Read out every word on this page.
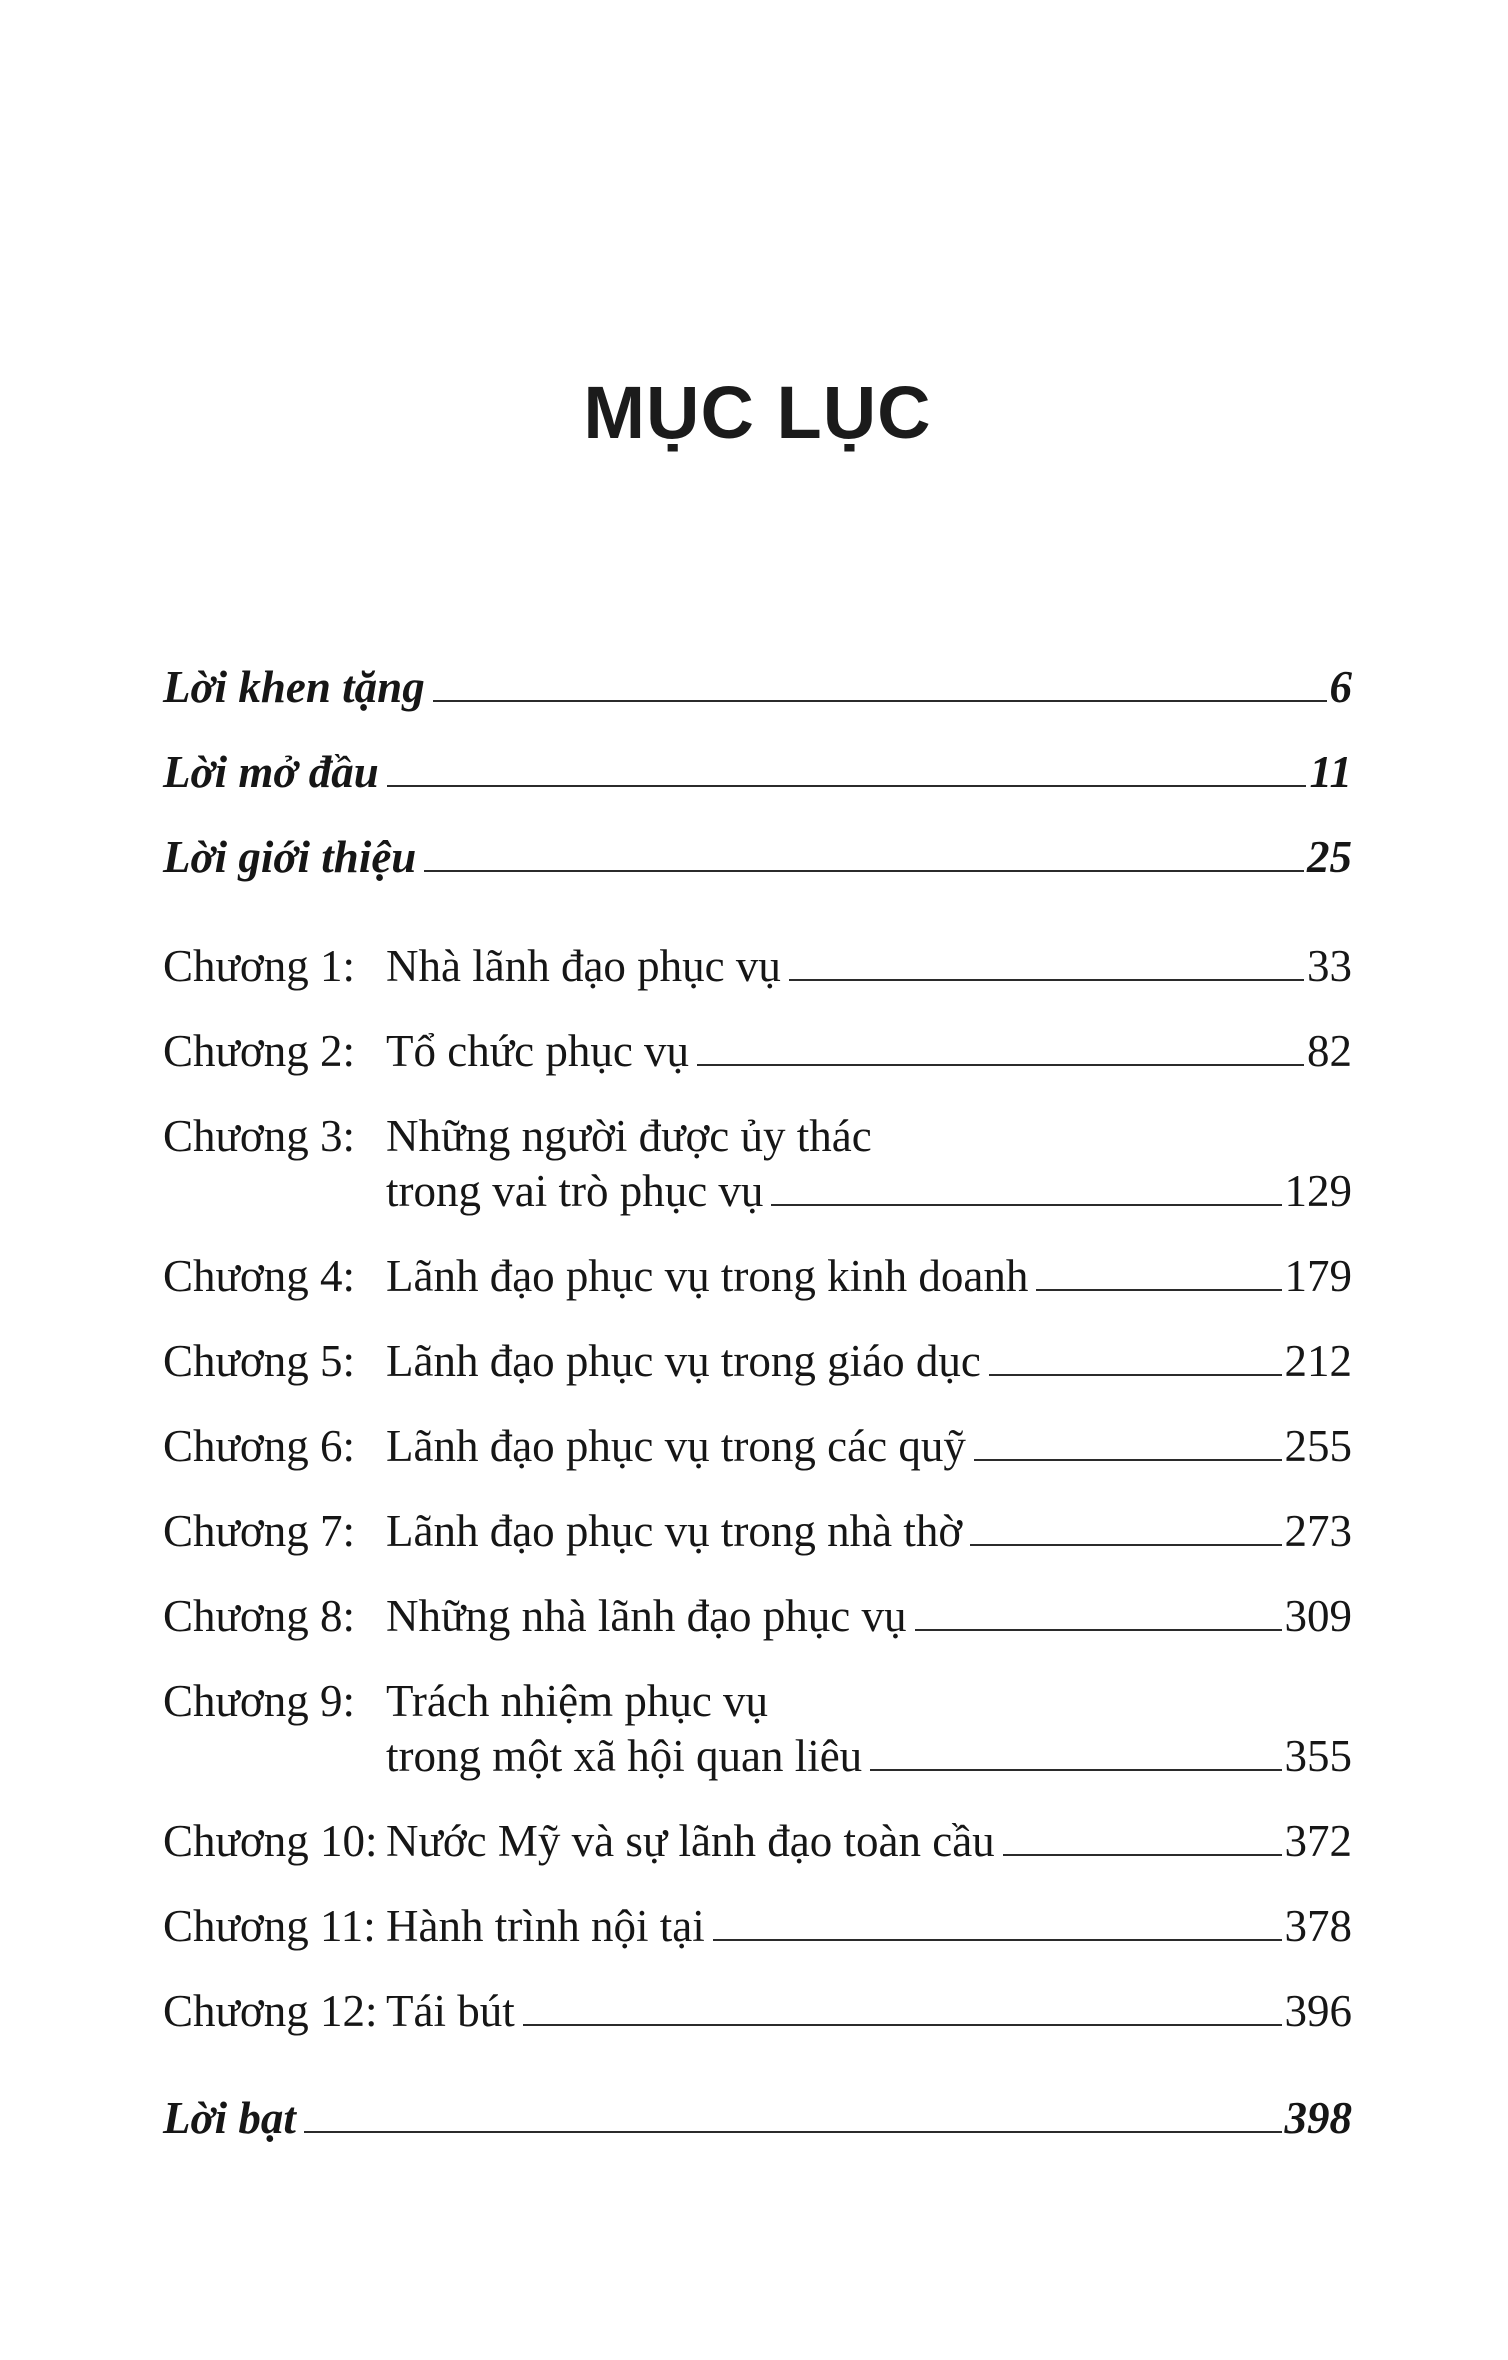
MỤC LỤC
Lời khen tặng	6
Lời mở đầu	11
Lời giới thiệu	25
Chương 1: Nhà lãnh đạo phục vụ	33
Chương 2: Tổ chức phục vụ	82
Chương 3: Những người được ủy thác
trong vai trò phục vụ	129
Chương 4: Lãnh đạo phục vụ trong kinh doanh	179
Chương 5: Lãnh đạo phục vụ trong giáo dục	212
Chương 6: Lãnh đạo phục vụ trong các quỹ	255
Chương 7: Lãnh đạo phục vụ trong nhà thờ	273
Chương 8: Những nhà lãnh đạo phục vụ	309
Chương 9: Trách nhiệm phục vụ
trong một xã hội quan liêu	355
Chương 10: Nước Mỹ và sự lãnh đạo toàn cầu	372
Chương 11: Hành trình nội tại	378
Chương 12: Tái bút	396
Lời bạt	398
